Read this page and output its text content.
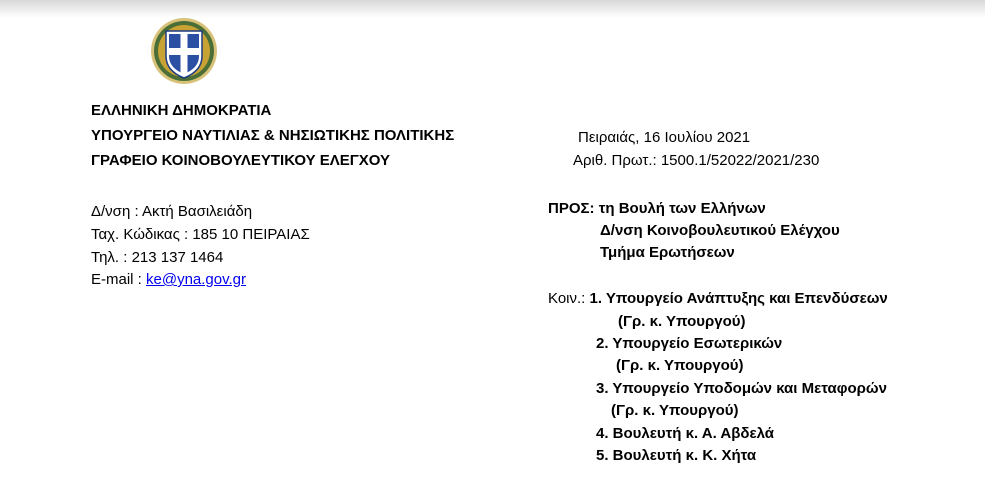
ΕΛΛΗΝΙΚΗ ΔΗΜΟΚΡΑΤΙΑ
ΥΠΟΥΡΓΕΙΟ ΝΑΥΤΙΛΙΑΣ & ΝΗΣΙΩΤΙΚΗΣ ΠΟΛΙΤΙΚΗΣ
ΓΡΑΦΕΙΟ ΚΟΙΝΟΒΟΥΛΕΥΤΙΚΟΥ ΕΛΕΓΧΟΥ
Πειραιάς, 16 Ιουλίου 2021
Αριθ. Πρωτ.: 1500.1/52022/2021/230
Δ/νση : Ακτή Βασιλειάδη
Ταχ. Κώδικας : 185 10 ΠΕΙΡΑΙΑΣ
Τηλ. : 213 137 1464
E-mail : ke@yna.gov.gr
ΠΡΟΣ: τη Βουλή των Ελλήνων
Δ/νση Κοινοβουλευτικού Ελέγχου
Τμήμα Ερωτήσεων
Κοιν.: 1. Υπουργείο Ανάπτυξης και Επενδύσεων
(Γρ. κ. Υπουργού)
2. Υπουργείο Εσωτερικών
(Γρ. κ. Υπουργού)
3. Υπουργείο Υποδομών και Μεταφορών
(Γρ. κ. Υπουργού)
4. Βουλευτή κ. Α. Αβδελά
5. Βουλευτή κ. Κ. Χήτα
